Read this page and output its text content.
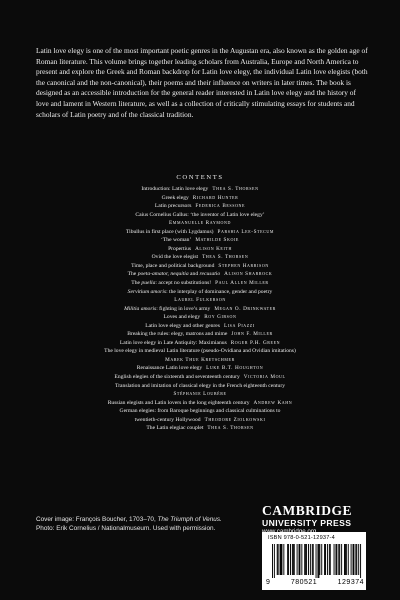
Latin love elegy is one of the most important poetic genres in the Augustan era, also known as the golden age of Roman literature. This volume brings together leading scholars from Australia, Europe and North America to present and explore the Greek and Roman backdrop for Latin love elegy, the individual Latin love elegists (both the canonical and the non-canonical), their poems and their influence on writers in later times. The book is designed as an accessible introduction for the general reader interested in Latin love elegy and the history of love and lament in Western literature, as well as a collection of critically stimulating essays for students and scholars of Latin poetry and of the classical tradition.
CONTENTS
Introduction: Latin love elegy Thea S. Thorsen
Greek elegy Richard Hunter
Latin precursors Federica Bessone
Caius Cornelius Gallus: ‘the inventor of Latin love elegy’
Emmanuelle Raymond
Tibullus in first place (with Lygdamus) Parshia Lee-Stecum
‘The woman’ Mathilde Skoie
Propertius Alison Keith
Ovid the love elegist Thea S. Thorsen
Time, place and political background Stephen Harrison
The poeta-amator, nequitia and recusatio Alison Sharrock
The puella: accept no substitutions! Paul Allen Miller
Servitium amoris: the interplay of dominance, gender and poetry
Laurel Fulkerson
Militia amoris: fighting in love’s army Megan O. Drinkwater
Loves and elegy Roy Gibson
Latin love elegy and other genres Lisa Piazzi
Breaking the rules: elegy, matrons and mime John F. Miller
Latin love elegy in Late Antiquity: Maximianus Roger P.H. Green
The love elegy in medieval Latin literature (pseudo-Ovidiana and Ovidian imitations)
Marek Thue Kretschmer
Renaissance Latin love elegy Luke B.T. Houghton
English elegies of the sixteenth and seventeenth century Victoria Moul
Translation and imitation of classical elegy in the French eighteenth century
Stéphanie Loubère
Russian elegists and Latin lovers in the long eighteenth century Andrew Kahn
German elegies: from Baroque beginnings and classical culminations to
twentieth-century Hollywood Theodore Ziolkowski
The Latin elegiac couplet Thea S. Thorsen
Cover image: François Boucher, 1703–70, The Triumph of Venus.
Photo: Erik Cornelius / Nationalmuseum. Used with permission.
CAMBRIDGE
UNIVERSITY PRESS
ISBN 978-0-521-12937-4
9	780521	129374
